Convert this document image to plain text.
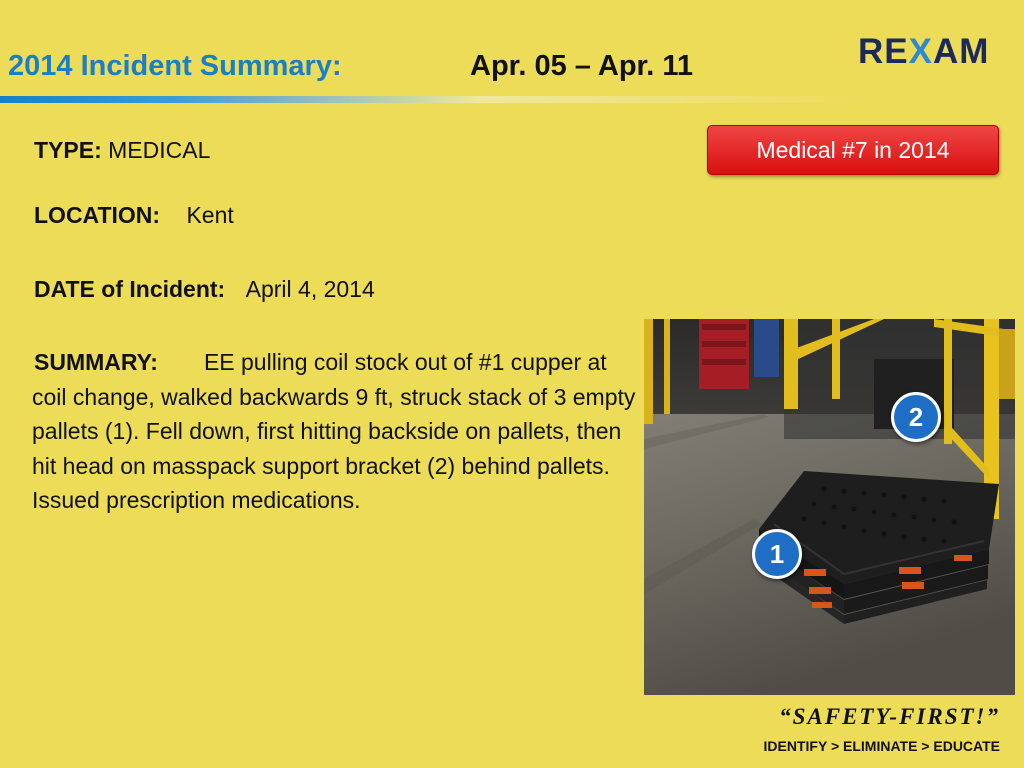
2014 Incident Summary:	Apr. 05 – Apr. 11	REXAM
Medical #7 in 2014
TYPE: MEDICAL
LOCATION: Kent
DATE of Incident: April 4, 2014
SUMMARY: EE pulling coil stock out of #1 cupper at coil change, walked backwards 9 ft, struck stack of 3 empty pallets (1). Fell down, first hitting backside on pallets, then hit head on masspack support bracket (2) behind pallets. Issued prescription medications.
2
1
“SAFETY-FIRST!”
IDENTIFY > ELIMINATE > EDUCATE
